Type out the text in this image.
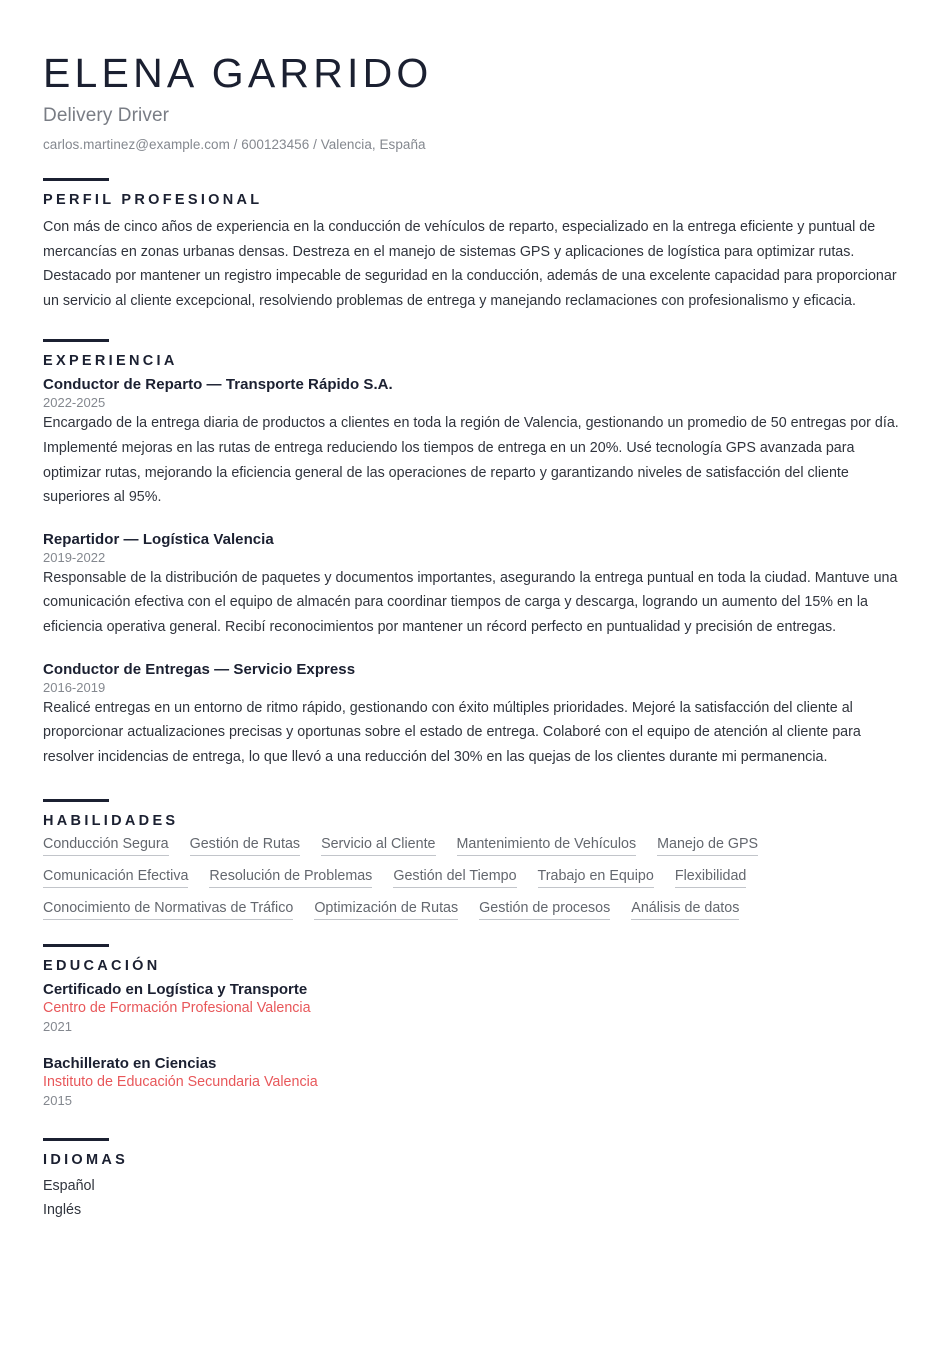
ELENA GARRIDO
Delivery Driver
carlos.martinez@example.com / 600123456 / Valencia, España
PERFIL PROFESIONAL

Con más de cinco años de experiencia en la conducción de vehículos de reparto, especializado en la entrega eficiente y puntual de mercancías en zonas urbanas densas. Destreza en el manejo de sistemas GPS y aplicaciones de logística para optimizar rutas. Destacado por mantener un registro impecable de seguridad en la conducción, además de una excelente capacidad para proporcionar un servicio al cliente excepcional, resolviendo problemas de entrega y manejando reclamaciones con profesionalismo y eficacia.

EXPERIENCIA
Conductor de Reparto — Transporte Rápido S.A.
2022-2025

Encargado de la entrega diaria de productos a clientes en toda la región de Valencia, gestionando un promedio de 50 entregas por día. Implementé mejoras en las rutas de entrega reduciendo los tiempos de entrega en un 20%. Usé tecnología GPS avanzada para optimizar rutas, mejorando la eficiencia general de las operaciones de reparto y garantizando niveles de satisfacción del cliente superiores al 95%.

Repartidor — Logística Valencia
2019-2022

Responsable de la distribución de paquetes y documentos importantes, asegurando la entrega puntual en toda la ciudad. Mantuve una comunicación efectiva con el equipo de almacén para coordinar tiempos de carga y descarga, logrando un aumento del 15% en la eficiencia operativa general. Recibí reconocimientos por mantener un récord perfecto en puntualidad y precisión de entregas.

Conductor de Entregas — Servicio Express
2016-2019

Realicé entregas en un entorno de ritmo rápido, gestionando con éxito múltiples prioridades. Mejoré la satisfacción del cliente al proporcionar actualizaciones precisas y oportunas sobre el estado de entrega. Colaboré con el equipo de atención al cliente para resolver incidencias de entrega, lo que llevó a una reducción del 30% en las quejas de los clientes durante mi permanencia.

HABILIDADES
Conducción Segura Gestión de Rutas Servicio al Cliente Mantenimiento de Vehículos Manejo de GPS
Comunicación Efectiva Resolución de Problemas Gestión del Tiempo Trabajo en Equipo Flexibilidad
Conocimiento de Normativas de Tráfico Optimización de Rutas Gestión de procesos Análisis de datos
EDUCACIÓN
Certificado en Logística y Transporte
Centro de Formación Profesional Valencia
2021
Bachillerato en Ciencias
Instituto de Educación Secundaria Valencia
2015
IDIOMAS
Español
Inglés
